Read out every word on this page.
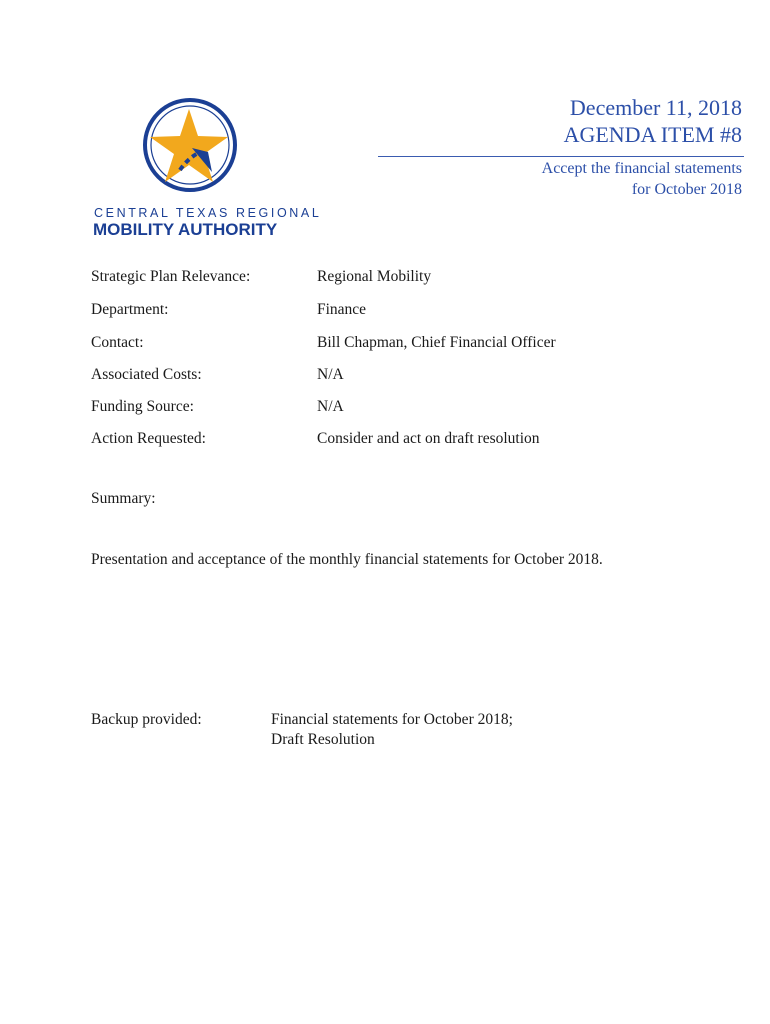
CENTRAL TEXAS REGIONAL
MOBILITY AUTHORITY
December 11, 2018
AGENDA ITEM #8
Accept the financial statements
for October 2018
Strategic Plan Relevance:	Regional Mobility
Department:	Finance
Contact:	Bill Chapman, Chief Financial Officer
Associated Costs:	N/A
Funding Source:	N/A
Action Requested:	Consider and act on draft resolution
Summary:
Presentation and acceptance of the monthly financial statements for October 2018.
Backup provided:	Financial statements for October 2018;
Draft Resolution
